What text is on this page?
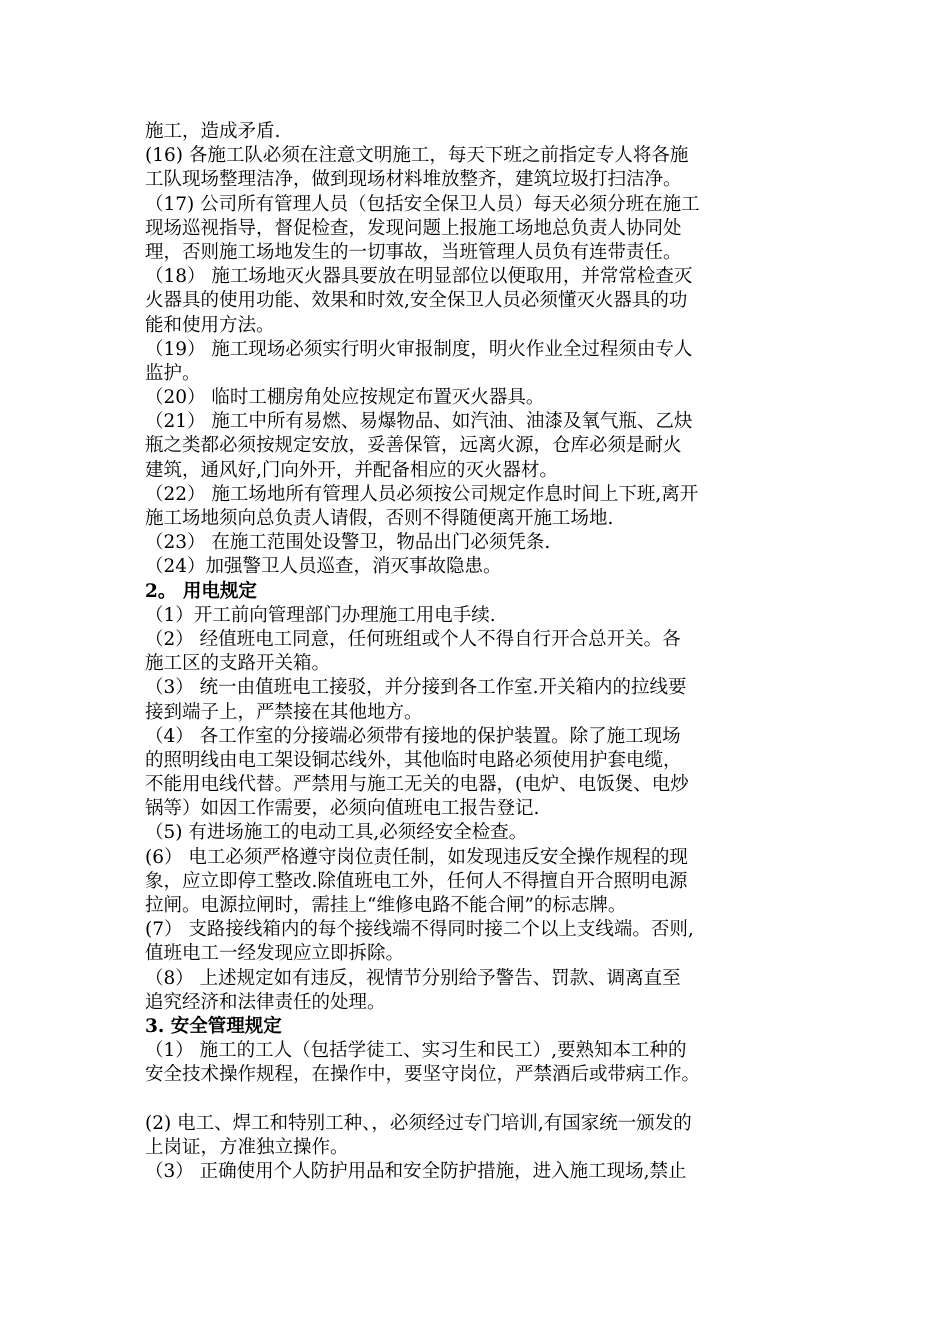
施工，造成矛盾.
(16) 各施工队必须在注意文明施工，每天下班之前指定专人将各施
工队现场整理洁净，做到现场材料堆放整齐，建筑垃圾打扫洁净。
（17) 公司所有管理人员（包括安全保卫人员）每天必须分班在施工
现场巡视指导，督促检查，发现问题上报施工场地总负责人协同处
理，否则施工场地发生的一切事故，当班管理人员负有连带责任。
（18） 施工场地灭火器具要放在明显部位以便取用，并常常检查灭
火器具的使用功能、效果和时效,安全保卫人员必须懂灭火器具的功
能和使用方法。
（19） 施工现场必须实行明火审报制度，明火作业全过程须由专人
监护。
（20） 临时工棚房角处应按规定布置灭火器具。
（21） 施工中所有易燃、易爆物品、如汽油、油漆及氧气瓶、乙炔
瓶之类都必须按规定安放，妥善保管，远离火源，仓库必须是耐火
建筑，通风好,门向外开，并配备相应的灭火器材。
（22） 施工场地所有管理人员必须按公司规定作息时间上下班,离开
施工场地须向总负责人请假，否则不得随便离开施工场地.
（23） 在施工范围处设警卫，物品出门必须凭条.
（24）加强警卫人员巡查，消灭事故隐患。
2。 用电规定
（1）开工前向管理部门办理施工用电手续.
（2） 经值班电工同意，任何班组或个人不得自行开合总开关。各
施工区的支路开关箱。
（3） 统一由值班电工接驳，并分接到各工作室.开关箱内的拉线要
接到端子上，严禁接在其他地方。
（4） 各工作室的分接端必须带有接地的保护装置。除了施工现场
的照明线由电工架设铜芯线外，其他临时电路必须使用护套电缆，
不能用电线代替。严禁用与施工无关的电器，(电炉、电饭煲、电炒
锅等）如因工作需要，必须向值班电工报告登记.
（5) 有进场施工的电动工具,必须经安全检查。
(6） 电工必须严格遵守岗位责任制，如发现违反安全操作规程的现
象，应立即停工整改.除值班电工外，任何人不得擅自开合照明电源
拉闸。电源拉闸时，需挂上“维修电路不能合闸”的标志牌。
(7） 支路接线箱内的每个接线端不得同时接二个以上支线端。否则,
值班电工一经发现应立即拆除。
（8） 上述规定如有违反，视情节分别给予警告、罚款、调离直至
追究经济和法律责任的处理。
3. 安全管理规定
（1） 施工的工人（包括学徒工、实习生和民工）,要熟知本工种的
安全技术操作规程，在操作中，要坚守岗位，严禁酒后或带病工作。
(2) 电工、焊工和特别工种、，必须经过专门培训,有国家统一颁发的
上岗证，方准独立操作。
（3） 正确使用个人防护用品和安全防护措施，进入施工现场,禁止
